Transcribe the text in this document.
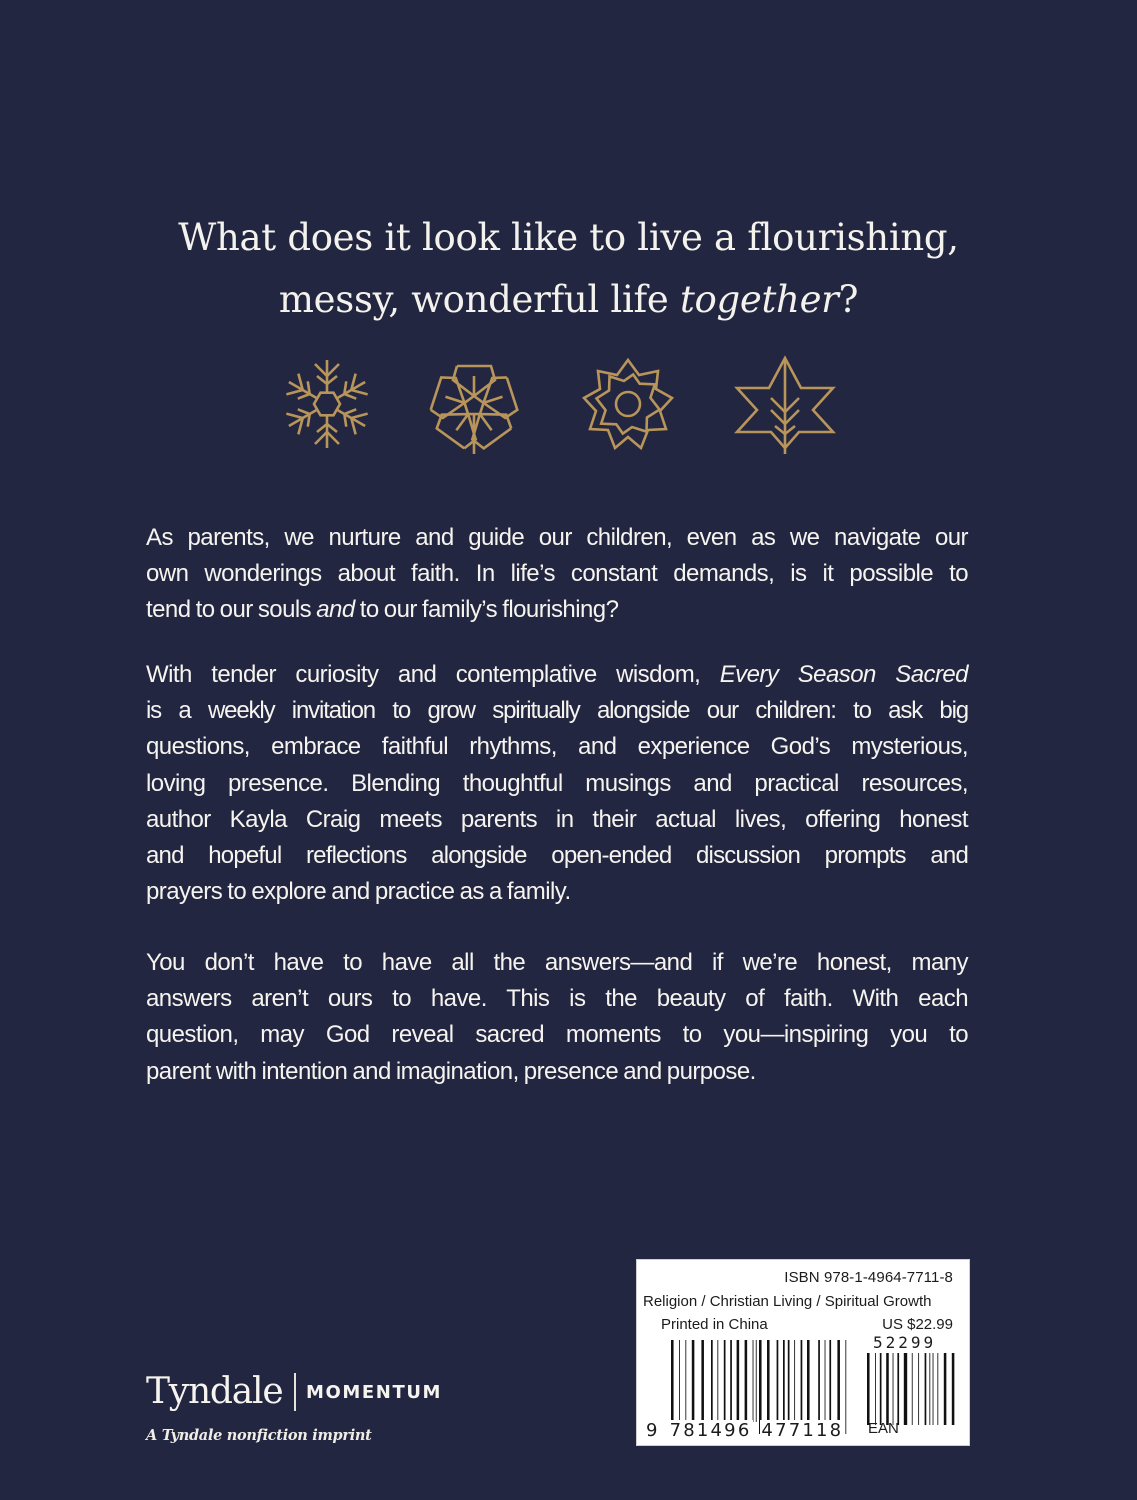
What does it look like to live a flourishing,
messy, wonderful life together?
As parents, we nurture and guide our children, even as we navigate our
own wonderings about faith. In life’s constant demands, is it possible to
tend to our souls and to our family’s flourishing?
With tender curiosity and contemplative wisdom, Every Season Sacred
is a weekly invitation to grow spiritually alongside our children: to ask big
questions, embrace faithful rhythms, and experience God’s mysterious,
loving presence. Blending thoughtful musings and practical resources,
author Kayla Craig meets parents in their actual lives, offering honest
and hopeful reflections alongside open-ended discussion prompts and
prayers to explore and practice as a family.
You don’t have to have all the answers—and if we’re honest, many
answers aren’t ours to have. This is the beauty of faith. With each
question, may God reveal sacred moments to you—inspiring you to
parent with intention and imagination, presence and purpose.
Tyndale MOMENTUM
A Tyndale nonfiction imprint
ISBN 978-1-4964-7711-8
Religion / Christian Living / Spiritual Growth
Printed in China	US $22.99
52299
9 781496 477118 EAN
